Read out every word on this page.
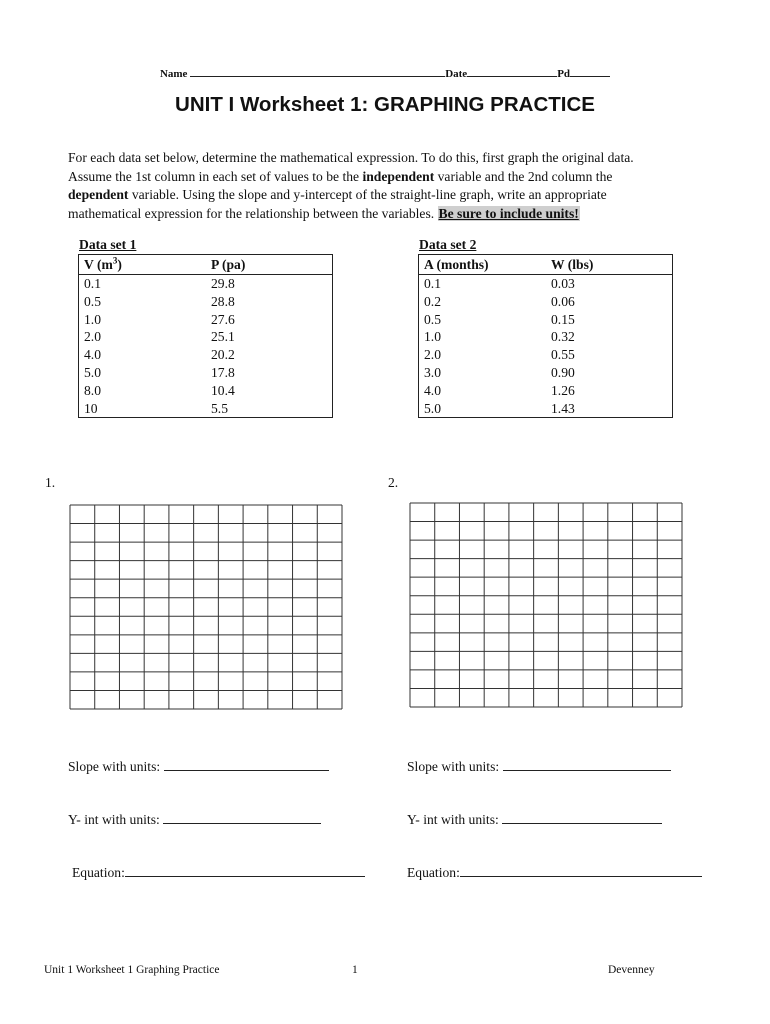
Name	Date	Pd
UNIT I Worksheet 1: GRAPHING PRACTICE
For each data set below, determine the mathematical expression. To do this, first graph the original data.
Assume the 1st column in each set of values to be the independent variable and the 2nd column the
dependent variable. Using the slope and y-intercept of the straight-line graph, write an appropriate
mathematical expression for the relationship between the variables. Be sure to include units!
Data set 1
V $(m^3)$	P (pa)
0.1	29.8
0.5	28.8
1.0	27.6
2.0	25.1
4.0	20.2
5.0	17.8
8.0	10.4
10	5.5
Data set 2
A (months)	W (lbs)
0.1	0.03
0.2	0.06
0.5	0.15
1.0	0.32
2.0	0.55
3.0	0.90
4.0	1.26
5.0	1.43
1.	2.
Slope with units:
Y- int with units:
Equation:
Slope with units:
Y- int with units:
Equation:
Unit 1 Worksheet 1 Graphing Practice	1	Devenney
